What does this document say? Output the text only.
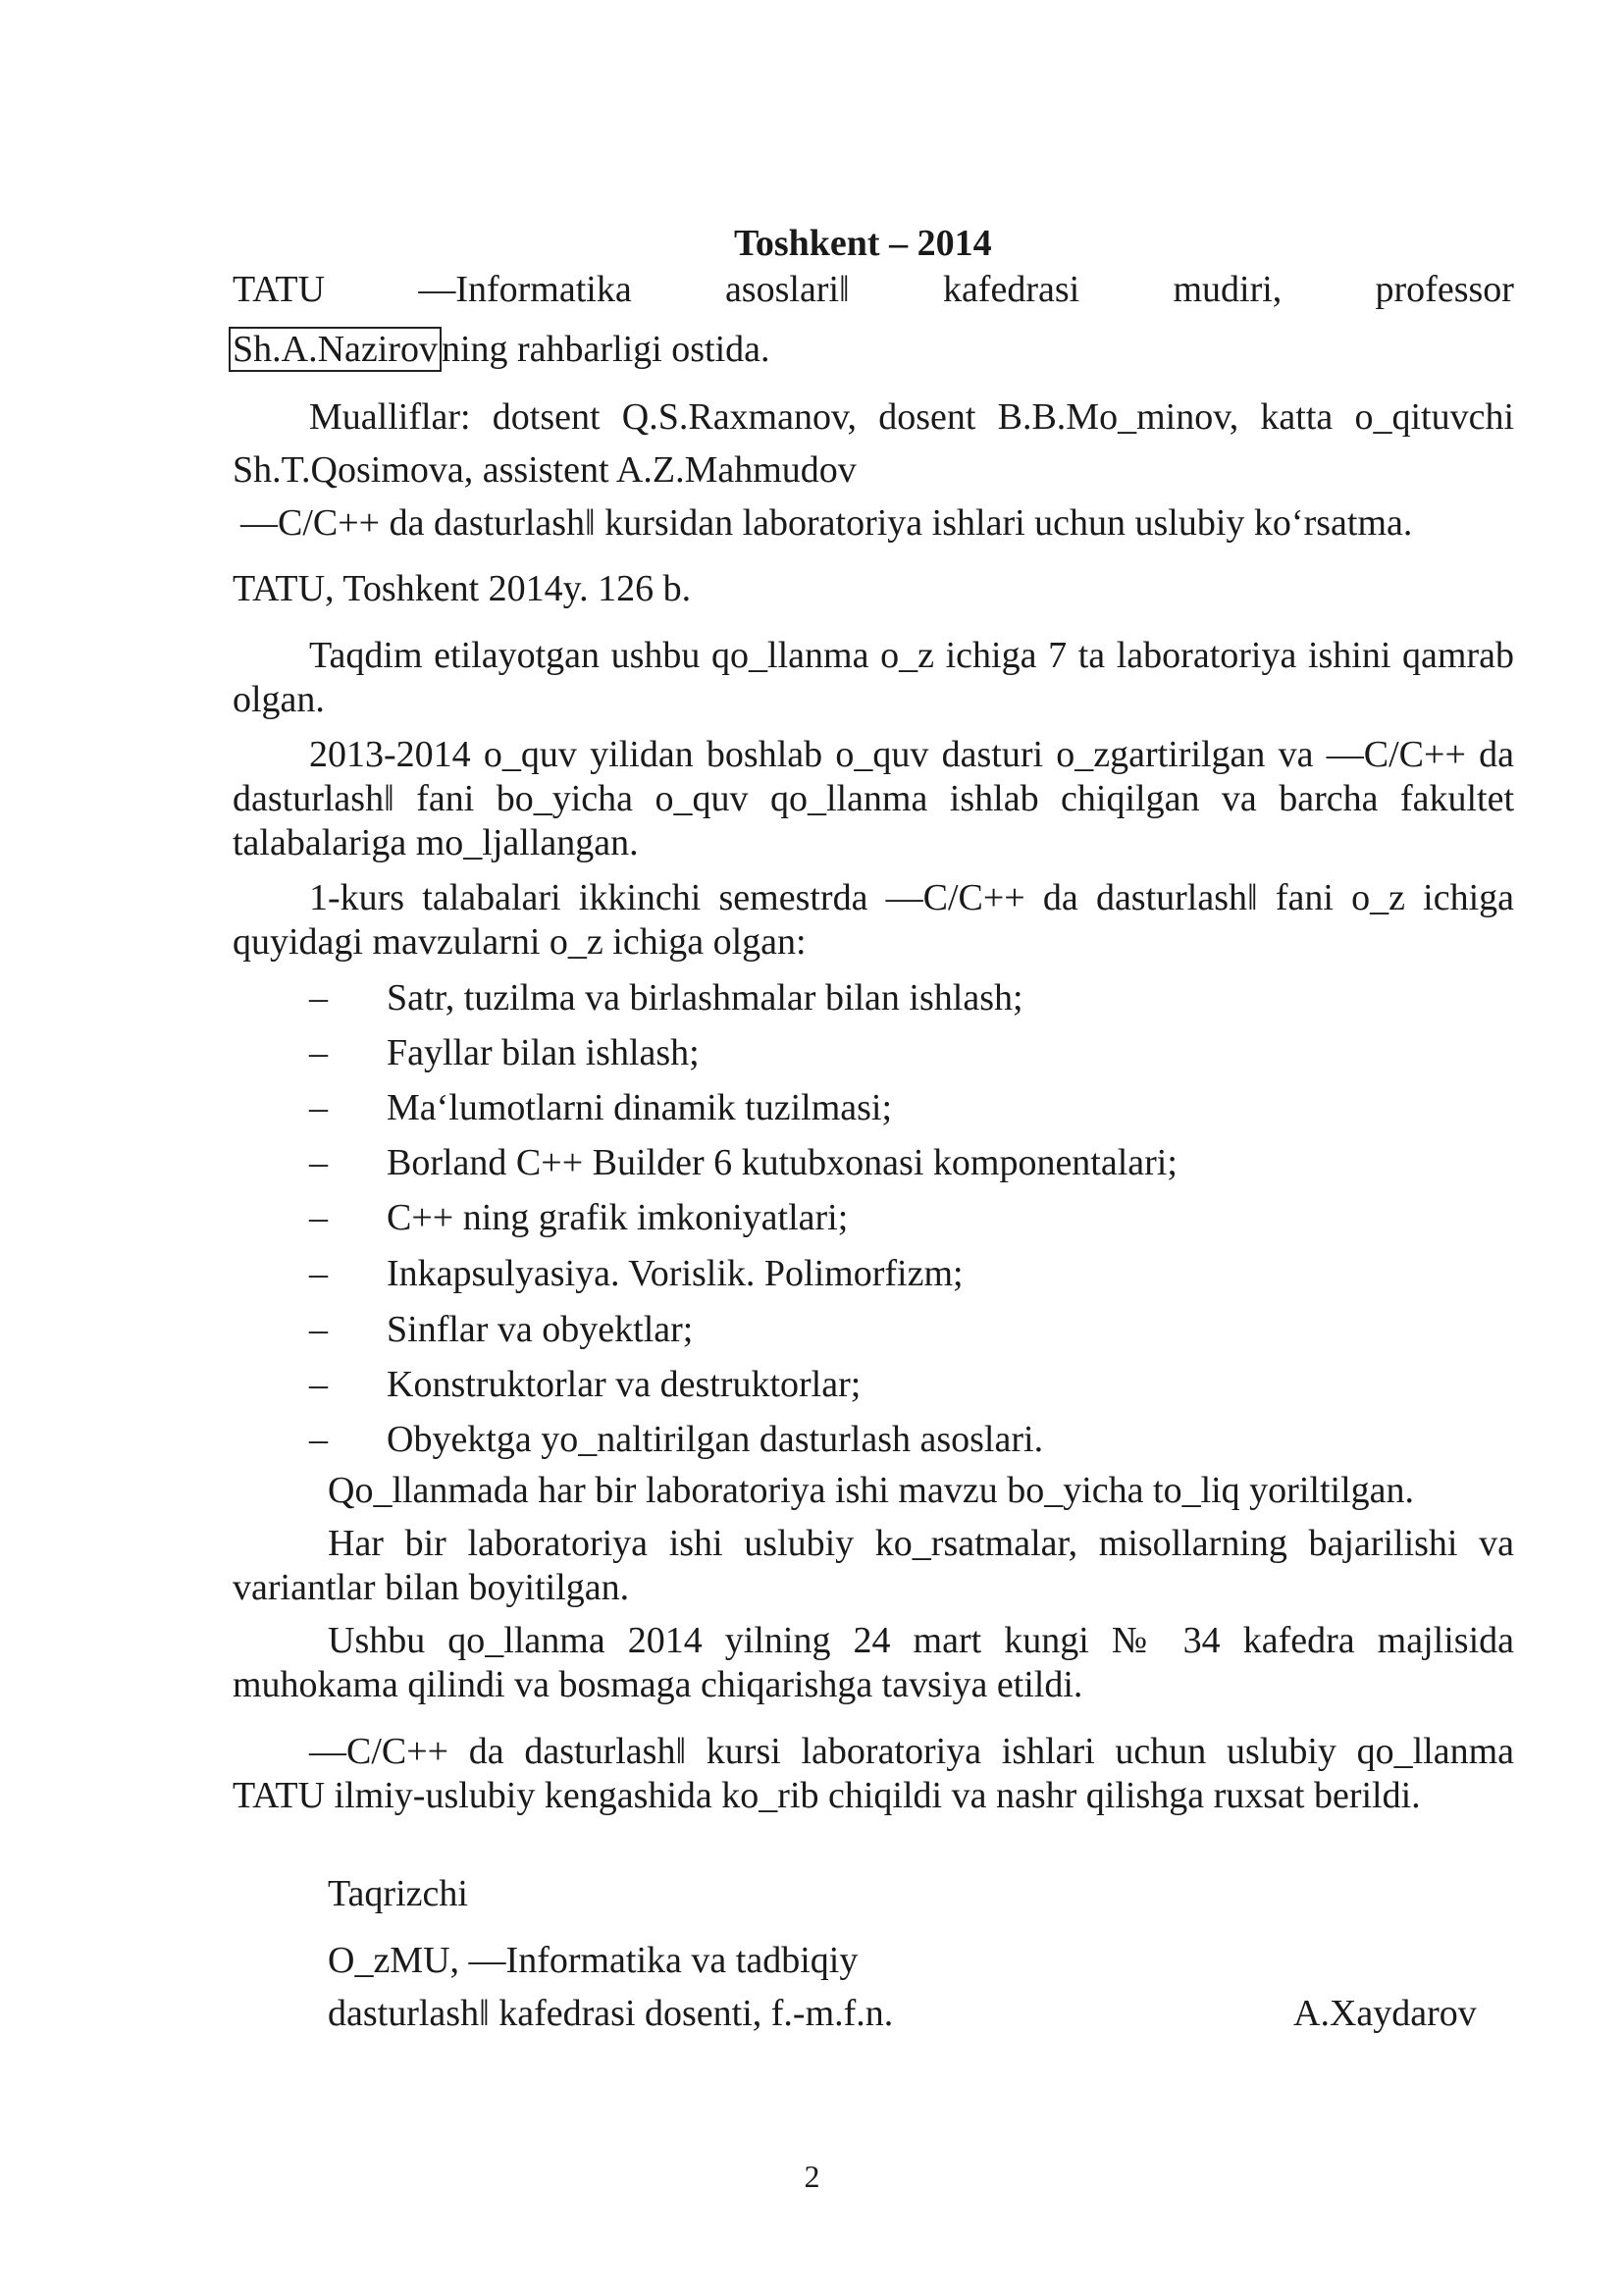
Toshkent – 2014
TATU	―Informatika	asoslari‖	kafedrasi	mudiri,	professor
Sh.A.Nazirov ning rahbarligi ostida.
Mualliflar: dotsent Q.S.Raxmanov, dosent B.B.Mo_minov, katta o_qituvchi
Sh.T.Qosimova, assistent A.Z.Mahmudov
―C/C++ da dasturlash‖ kursidan laboratoriya ishlari uchun uslubiy ko‘rsatma.
TATU, Toshkent 2014y. 126 b.
Taqdim etilayotgan ushbu qo_llanma o_z ichiga 7 ta laboratoriya ishini qamrab olgan.
2013-2014 o_quv yilidan boshlab o_quv dasturi o_zgartirilgan va ―C/C++ da dasturlash‖ fani bo_yicha o_quv qo_llanma ishlab chiqilgan va barcha fakultet talabalariga mo_ljallangan.
1-kurs talabalari ikkinchi semestrda ―C/C++ da dasturlash‖ fani o_z ichiga quyidagi mavzularni o_z ichiga olgan:
– Satr, tuzilma va birlashmalar bilan ishlash;
– Fayllar bilan ishlash;
– Ma‘lumotlarni dinamik tuzilmasi;
– Borland C++ Builder 6 kutubxonasi komponentalari;
– C++ ning grafik imkoniyatlari;
– Inkapsulyasiya. Vorislik. Polimorfizm;
– Sinflar va obyektlar;
– Konstruktorlar va destruktorlar;
– Obyektga yo_naltirilgan dasturlash asoslari.
Qo_llanmada har bir laboratoriya ishi mavzu bo_yicha to_liq yoriltilgan.
Har bir laboratoriya ishi uslubiy ko_rsatmalar, misollarning bajarilishi va variantlar bilan boyitilgan.
Ushbu qo_llanma 2014 yilning 24 mart kungi № 34 kafedra majlisida muhokama qilindi va bosmaga chiqarishga tavsiya etildi.
―C/C++ da dasturlash‖ kursi laboratoriya ishlari uchun uslubiy qo_llanma TATU ilmiy-uslubiy kengashida ko_rib chiqildi va nashr qilishga ruxsat berildi.
Taqrizchi
O_zMU, ―Informatika va tadbiqiy
dasturlash‖ kafedrasi dosenti, f.-m.f.n.	A.Xaydarov
2
